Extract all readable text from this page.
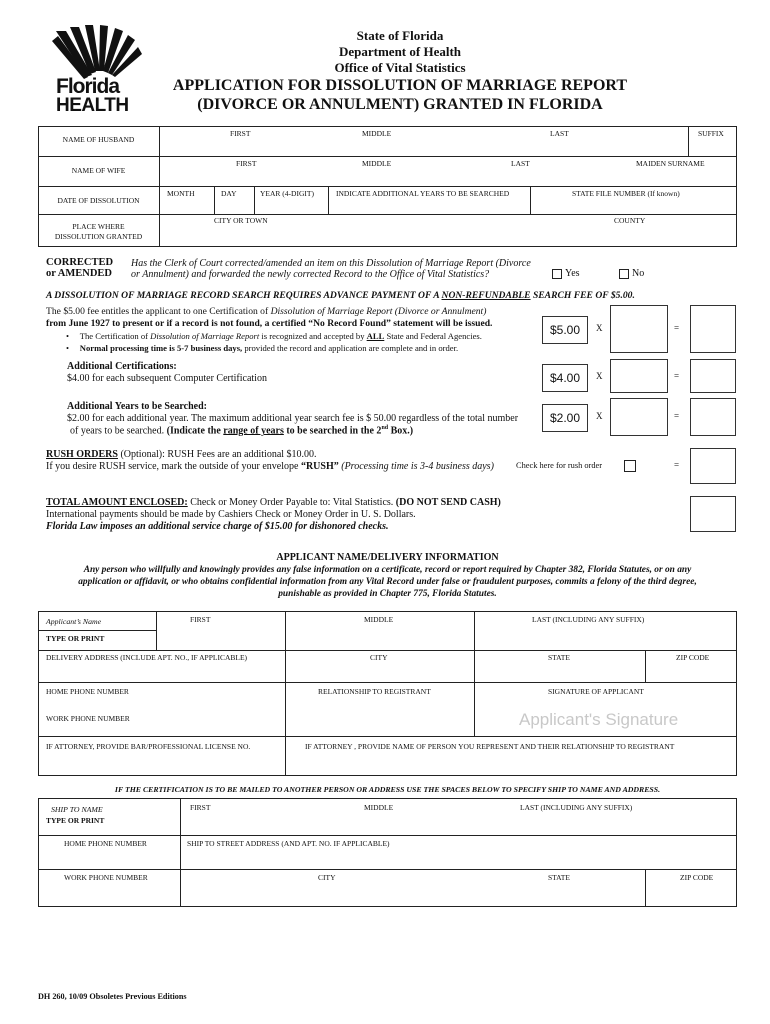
Florida
HEALTH
State of Florida
Department of Health
Office of Vital Statistics
APPLICATION FOR DISSOLUTION OF MARRIAGE REPORT
(DIVORCE OR ANNULMENT) GRANTED IN FLORIDA
NAME OF HUSBAND
FIRST	MIDDLE	LAST	SUFFIX
NAME OF WIFE
FIRST	MIDDLE	LAST	MAIDEN SURNAME
DATE OF DISSOLUTION
MONTH	DAY	YEAR (4-DIGIT)	INDICATE ADDITIONAL YEARS TO BE SEARCHED	STATE FILE NUMBER (If known)
PLACE WHERE
DISSOLUTION GRANTED
CITY OR TOWN	COUNTY
CORRECTED
or AMENDED
Has the Clerk of Court corrected/amended an item on this Dissolution of Marriage Report (Divorce
or Annulment) and forwarded the newly corrected Record to the Office of Vital Statistics?	Yes	No
A DISSOLUTION OF MARRIAGE RECORD SEARCH REQUIRES ADVANCE PAYMENT OF A NON-REFUNDABLE SEARCH FEE OF $5.00.
The $5.00 fee entitles the applicant to one Certification of Dissolution of Marriage Report (Divorce or Annulment)
from June 1927 to present or if a record is not found, a certified “No Record Found” statement will be issued.
•     The Certification of Dissolution of Marriage Report is recognized and accepted by ALL State and Federal Agencies.
•     Normal processing time is 5-7 business days, provided the record and application are complete and in order.
$5.00	X	=
Additional Certifications:
$4.00 for each subsequent Computer Certification	$4.00	X	=
Additional Years to be Searched:
$2.00 for each additional year. The maximum additional year search fee is $ 50.00 regardless of the total number
of years to be searched. (Indicate the range of years to be searched in the 2nd Box.)
$2.00	X	=
RUSH ORDERS (Optional): RUSH Fees are an additional $10.00.
If you desire RUSH service, mark the outside of your envelope “RUSH” (Processing time is 3-4 business days)	Check here for rush order	=
TOTAL AMOUNT ENCLOSED: Check or Money Order Payable to: Vital Statistics. (DO NOT SEND CASH)
International payments should be made by Cashiers Check or Money Order in U. S. Dollars.
Florida Law imposes an additional service charge of $15.00 for dishonored checks.
APPLICANT NAME/DELIVERY INFORMATION
Any person who willfully and knowingly provides any false information on a certificate, record or report required by Chapter 382, Florida Statutes, or on any
application or affidavit, or who obtains confidential information from any Vital Record under false or fraudulent purposes, commits a felony of the third degree,
punishable as provided in Chapter 775, Florida Statutes.
Applicant’s Name
TYPE OR PRINT
FIRST	MIDDLE	LAST (INCLUDING ANY SUFFIX)
DELIVERY ADDRESS (INCLUDE APT. NO., IF APPLICABLE)	CITY	STATE	ZIP CODE
HOME PHONE NUMBER	RELATIONSHIP TO REGISTRANT	SIGNATURE OF APPLICANT
Applicant's Signature
WORK PHONE NUMBER
IF ATTORNEY, PROVIDE BAR/PROFESSIONAL LICENSE NO.	IF ATTORNEY , PROVIDE NAME OF PERSON YOU REPRESENT AND THEIR RELATIONSHIP TO REGISTRANT
IF THE CERTIFICATION IS TO BE MAILED TO ANOTHER PERSON OR ADDRESS USE THE SPACES BELOW TO SPECIFY SHIP TO NAME AND ADDRESS.
SHIP TO NAME
TYPE OR PRINT
FIRST	MIDDLE	LAST (INCLUDING ANY SUFFIX)
HOME PHONE NUMBER	SHIP TO STREET ADDRESS (AND APT. NO. IF APPLICABLE)
WORK PHONE NUMBER	CITY	STATE	ZIP CODE
DH 260, 10/09 Obsoletes Previous Editions
